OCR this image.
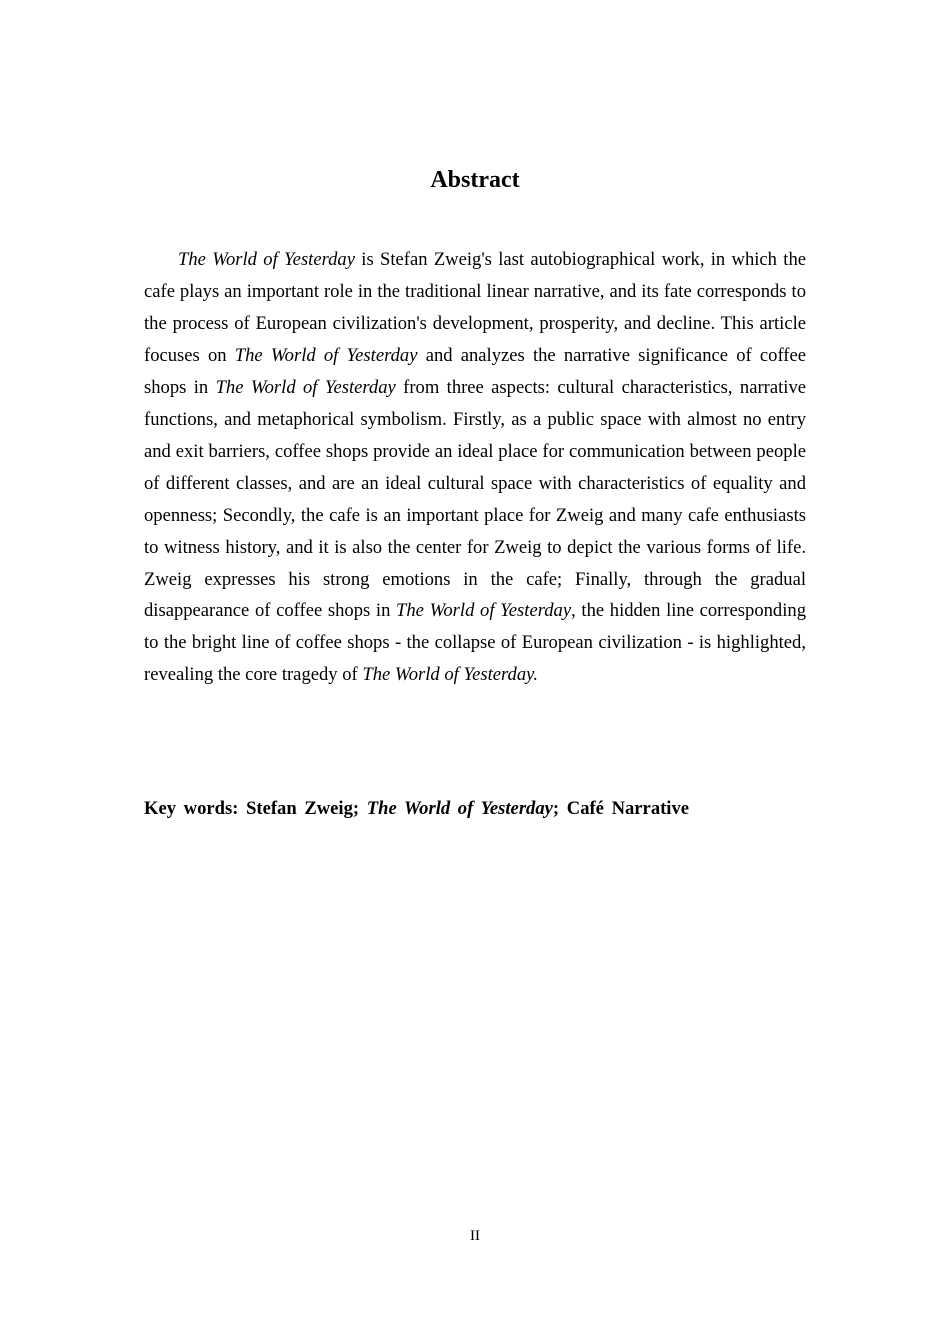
Abstract

The World of Yesterday is Stefan Zweig's last autobiographical work, in which the cafe plays an important role in the traditional linear narrative, and its fate corresponds to the process of European civilization's development, prosperity, and decline. This article focuses on The World of Yesterday and analyzes the narrative significance of coffee shops in The World of Yesterday from three aspects: cultural characteristics, narrative functions, and metaphorical symbolism. Firstly, as a public space with almost no entry and exit barriers, coffee shops provide an ideal place for communication between people of different classes, and are an ideal cultural space with characteristics of equality and openness; Secondly, the cafe is an important place for Zweig and many cafe enthusiasts to witness history, and it is also the center for Zweig to depict the various forms of life. Zweig expresses his strong emotions in the cafe; Finally, through the gradual disappearance of coffee shops in The World of Yesterday, the hidden line corresponding to the bright line of coffee shops - the collapse of European civilization - is highlighted, revealing the core tragedy of The World of Yesterday.

Key words: Stefan Zweig; The World of Yesterday; Café Narrative
II
